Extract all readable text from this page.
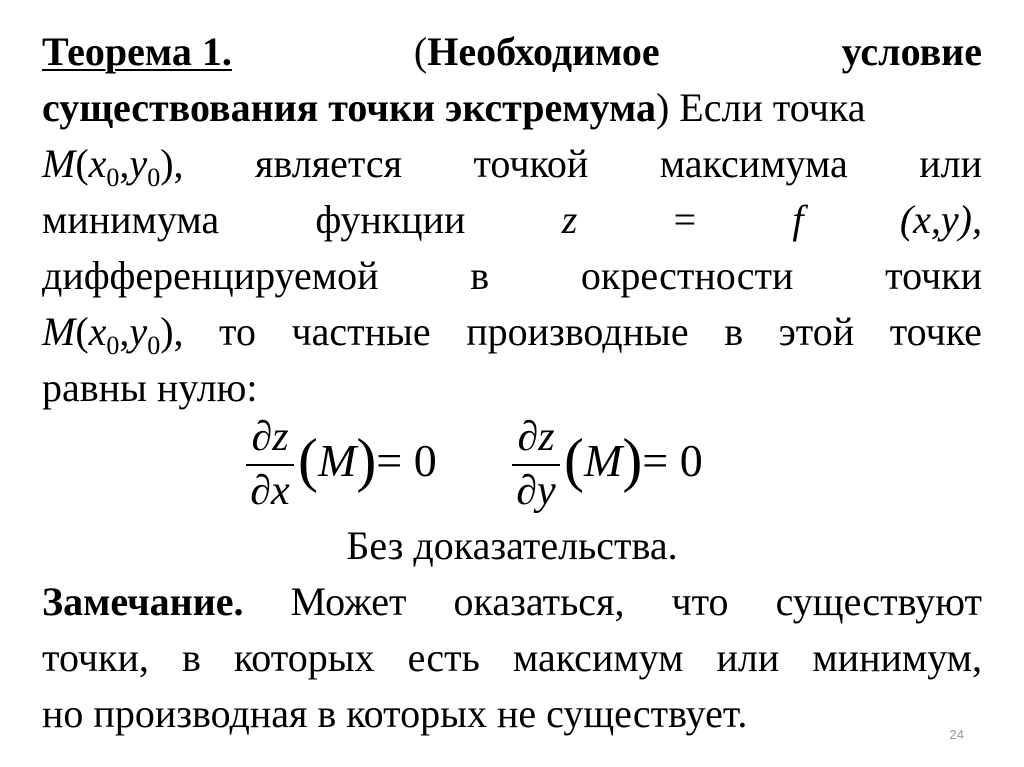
Теорема 1.	(Необходимое	условие
существования точки экстремума) Если точка
$M(x_0,y_0)$, является точкой максимума или
минимума функции z = f (x,y),
дифференцируемой в окрестности точки
$M(x_0,y_0)$, то частные производные в этой точке
равны нулю:
∂z
∂x (M)= 0 ∂z
∂y (M)= 0
Без доказательства.
Замечание. Может оказаться, что существуют
точки, в которых есть максимум или минимум,
но производная в которых не существует.	24
